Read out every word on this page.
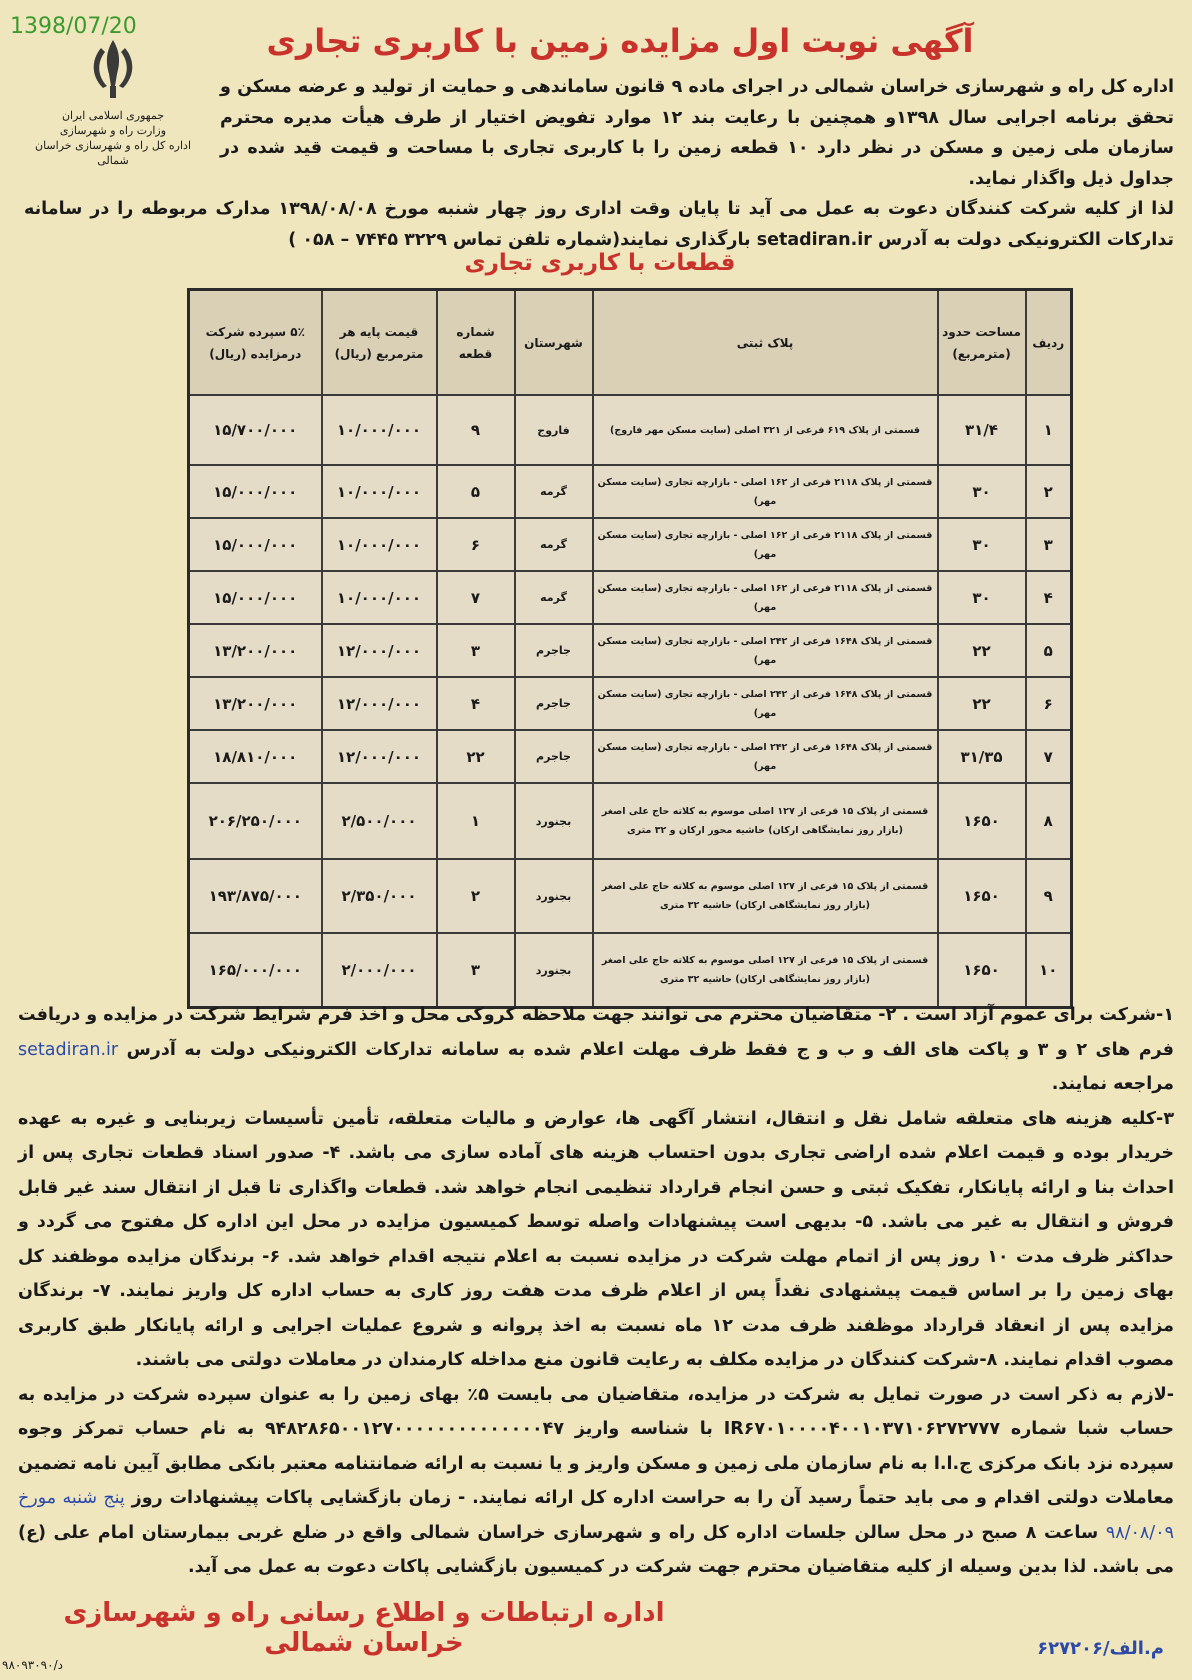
1398/07/20
جمهوری اسلامی ایران
وزارت راه و شهرسازی
اداره کل راه و شهرسازی خراسان شمالی
آگهی نوبت اول مزایده زمین با کاربری تجاری
اداره کل راه و شهرسازی خراسان شمالی در اجرای ماده ۹ قانون ساماندهی و حمایت از تولید و عرضه مسکن و تحقق برنامه اجرایی سال ۱۳۹۸و همچنین با رعایت بند ۱۲ موارد تفویض اختیار از طرف هیأت مدیره محترم سازمان ملی زمین و مسکن در نظر دارد ۱۰ قطعه زمین را با کاربری تجاری با مساحت و قیمت قید شده در جداول ذیل واگذار نماید.
لذا از کلیه شرکت کنندگان دعوت به عمل می آید تا پایان وقت اداری روز چهار شنبه مورخ ۱۳۹۸/۰۸/۰۸ مدارک مربوطه را در سامانه تدارکات الکترونیکی دولت به آدرس setadiran.ir بارگذاری نمایند(شماره تلفن تماس ۳۲۲۹ ۷۴۴۵ – ۰۵۸ )
قطعات با کاربری تجاری
ردیف	مساحت حدود (مترمربع)	پلاک ثبتی	شهرستان	شماره قطعه	قیمت پایه هر مترمربع (ریال)	۵٪ سپرده شرکت درمزایده (ریال)
۱	۳۱/۴	قسمتی از پلاک ۶۱۹ فرعی از ۳۲۱ اصلی (سایت مسکن مهر فاروج)	فاروج	۹	۱۰/۰۰۰/۰۰۰	۱۵/۷۰۰/۰۰۰
۲	۳۰	قسمتی از پلاک ۲۱۱۸ فرعی از ۱۶۲ اصلی - بازارچه تجاری (سایت مسکن مهر)	گرمه	۵	۱۰/۰۰۰/۰۰۰	۱۵/۰۰۰/۰۰۰
۳	۳۰	قسمتی از پلاک ۲۱۱۸ فرعی از ۱۶۲ اصلی - بازارچه تجاری (سایت مسکن مهر)	گرمه	۶	۱۰/۰۰۰/۰۰۰	۱۵/۰۰۰/۰۰۰
۴	۳۰	قسمتی از پلاک ۲۱۱۸ فرعی از ۱۶۲ اصلی - بازارچه تجاری (سایت مسکن مهر)	گرمه	۷	۱۰/۰۰۰/۰۰۰	۱۵/۰۰۰/۰۰۰
۵	۲۲	قسمتی از پلاک ۱۶۴۸ فرعی از ۲۴۲ اصلی - بازارچه تجاری (سایت مسکن مهر)	جاجرم	۳	۱۲/۰۰۰/۰۰۰	۱۳/۲۰۰/۰۰۰
۶	۲۲	قسمتی از پلاک ۱۶۴۸ فرعی از ۲۴۲ اصلی - بازارچه تجاری (سایت مسکن مهر)	جاجرم	۴	۱۲/۰۰۰/۰۰۰	۱۳/۲۰۰/۰۰۰
۷	۳۱/۳۵	قسمتی از پلاک ۱۶۴۸ فرعی از ۲۴۲ اصلی - بازارچه تجاری (سایت مسکن مهر)	جاجرم	۲۲	۱۲/۰۰۰/۰۰۰	۱۸/۸۱۰/۰۰۰
۸	۱۶۵۰	قسمتی از پلاک ۱۵ فرعی از ۱۲۷ اصلی موسوم به کلاته حاج علی اصغر (بازار روز نمایشگاهی ارکان) حاشیه محور ارکان و ۳۲ متری	بجنورد	۱	۲/۵۰۰/۰۰۰	۲۰۶/۲۵۰/۰۰۰
۹	۱۶۵۰	قسمتی از پلاک ۱۵ فرعی از ۱۲۷ اصلی موسوم به کلاته حاج علی اصغر (بازار روز نمایشگاهی ارکان) حاشیه ۳۲ متری	بجنورد	۲	۲/۳۵۰/۰۰۰	۱۹۳/۸۷۵/۰۰۰
۱۰	۱۶۵۰	قسمتی از پلاک ۱۵ فرعی از ۱۲۷ اصلی موسوم به کلاته حاج علی اصغر (بازار روز نمایشگاهی ارکان) حاشیه ۳۲ متری	بجنورد	۳	۲/۰۰۰/۰۰۰	۱۶۵/۰۰۰/۰۰۰
۱-شرکت برای عموم آزاد است . ۲- متقاضیان محترم می توانند جهت ملاحظه کروکی محل و اخذ فرم شرایط شرکت در مزایده و دریافت فرم های ۲ و ۳ و پاکت های الف و ب و ج فقط ظرف مهلت اعلام شده به سامانه تدارکات الکترونیکی دولت به آدرس setadiran.ir مراجعه نمایند.
۳-کلیه هزینه های متعلقه شامل نقل و انتقال، انتشار آگهی ها، عوارض و مالیات متعلقه، تأمین تأسیسات زیربنایی و غیره به عهده خریدار بوده و قیمت اعلام شده اراضی تجاری بدون احتساب هزینه های آماده سازی می باشد. ۴- صدور اسناد قطعات تجاری پس از احداث بنا و ارائه پایانکار، تفکیک ثبتی و حسن انجام قرارداد تنظیمی انجام خواهد شد. قطعات واگذاری تا قبل از انتقال سند غیر قابل فروش و انتقال به غیر می باشد. ۵- بدیهی است پیشنهادات واصله توسط کمیسیون مزایده در محل این اداره کل مفتوح می گردد و حداکثر ظرف مدت ۱۰ روز پس از اتمام مهلت شرکت در مزایده نسبت به اعلام نتیجه اقدام خواهد شد. ۶- برندگان مزایده موظفند کل بهای زمین را بر اساس قیمت پیشنهادی نقداً پس از اعلام ظرف مدت هفت روز کاری به حساب اداره کل واریز نمایند. ۷- برندگان مزایده پس از انعقاد قرارداد موظفند ظرف مدت ۱۲ ماه نسبت به اخذ پروانه و شروع عملیات اجرایی و ارائه پایانکار طبق کاربری مصوب اقدام نمایند. ۸-شرکت کنندگان در مزایده مکلف به رعایت قانون منع مداخله کارمندان در معاملات دولتی می باشند.
-لازم به ذکر است در صورت تمایل به شرکت در مزایده، متقاضیان می بایست ۵٪ بهای زمین را به عنوان سپرده شرکت در مزایده به حساب شبا شماره IR۶۷۰۱۰۰۰۰۴۰۰۱۰۳۷۱۰۶۲۷۲۷۷۷ با شناسه واریز ۹۴۸۲۸۶۵۰۰۱۲۷۰۰۰۰۰۰۰۰۰۰۰۰۰۰۴۷ به نام حساب تمرکز وجوه سپرده نزد بانک مرکزی ج.ا.ا به نام سازمان ملی زمین و مسکن واریز و یا نسبت به ارائه ضمانتنامه معتبر بانکی مطابق آیین نامه تضمین معاملات دولتی اقدام و می باید حتماً رسید آن را به حراست اداره کل ارائه نمایند. - زمان بازگشایی پاکات پیشنهادات روز پنج شنبه مورخ ۹۸/۰۸/۰۹ ساعت ۸ صبح در محل سالن جلسات اداره کل راه و شهرسازی خراسان شمالی واقع در ضلع غربی بیمارستان امام علی (ع) می باشد. لذا بدین وسیله از کلیه متقاضیان محترم جهت شرکت در کمیسیون بازگشایی پاکات دعوت به عمل می آید.
اداره ارتباطات و اطلاع رسانی راه و شهرسازی خراسان شمالی	م.الف/۶۲۷۲۰۶
۹۸۰۹۳۰۹۰/د
